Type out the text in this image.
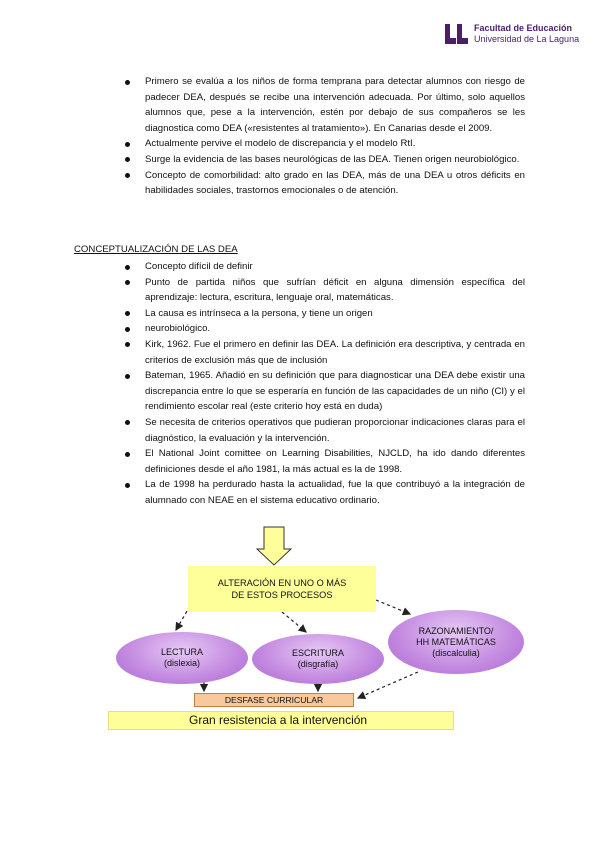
Facultad de Educación
Universidad de La Laguna
Primero se evalúa a los niños de forma temprana para detectar alumnos con riesgo de padecer DEA, después se recibe una intervención adecuada. Por último, solo aquellos alumnos que, pese a la intervención, estén por debajo de sus compañeros se les diagnostica como DEA («resistentes al tratamiento»). En Canarias desde el 2009.
Actualmente pervive el modelo de discrepancia y el modelo RtI.
Surge la evidencia de las bases neurológicas de las DEA. Tienen origen neurobiológico.
Concepto de comorbilidad: alto grado en las DEA, más de una DEA u otros déficits en habilidades sociales, trastornos emocionales o de atención.
CONCEPTUALIZACIÓN DE LAS DEA
Concepto difícil de definir
Punto de partida niños que sufrían déficit en alguna dimensión específica del aprendizaje: lectura, escritura, lenguaje oral, matemáticas.
La causa es intrínseca a la persona, y tiene un origen
neurobiológico.
Kirk, 1962. Fue el primero en definir las DEA. La definición era descriptiva, y centrada en criterios de exclusión más que de inclusión
Bateman, 1965. Añadió en su definición que para diagnosticar una DEA debe existir una discrepancia entre lo que se esperaría en función de las capacidades de un niño (CI) y el rendimiento escolar real (este criterio hoy está en duda)
Se necesita de criterios operativos que pudieran proporcionar indicaciones claras para el diagnóstico, la evaluación y la intervención.
El National Joint comittee on Learning Disabilities, NJCLD, ha ido dando diferentes definiciones desde el año 1981, la más actual es la de 1998.
La de 1998 ha perdurado hasta la actualidad, fue la que contribuyó a la integración de alumnado con NEAE en el sistema educativo ordinario.
ALTERACIÓN EN UNO O MÁS
DE ESTOS PROCESOS
LECTURA
(dislexia)
ESCRITURA
(disgrafía)
RAZONAMIENTO/
HH MATEMÁTICAS
(discalculia)
DESFASE CURRICULAR
Gran resistencia a la intervención
